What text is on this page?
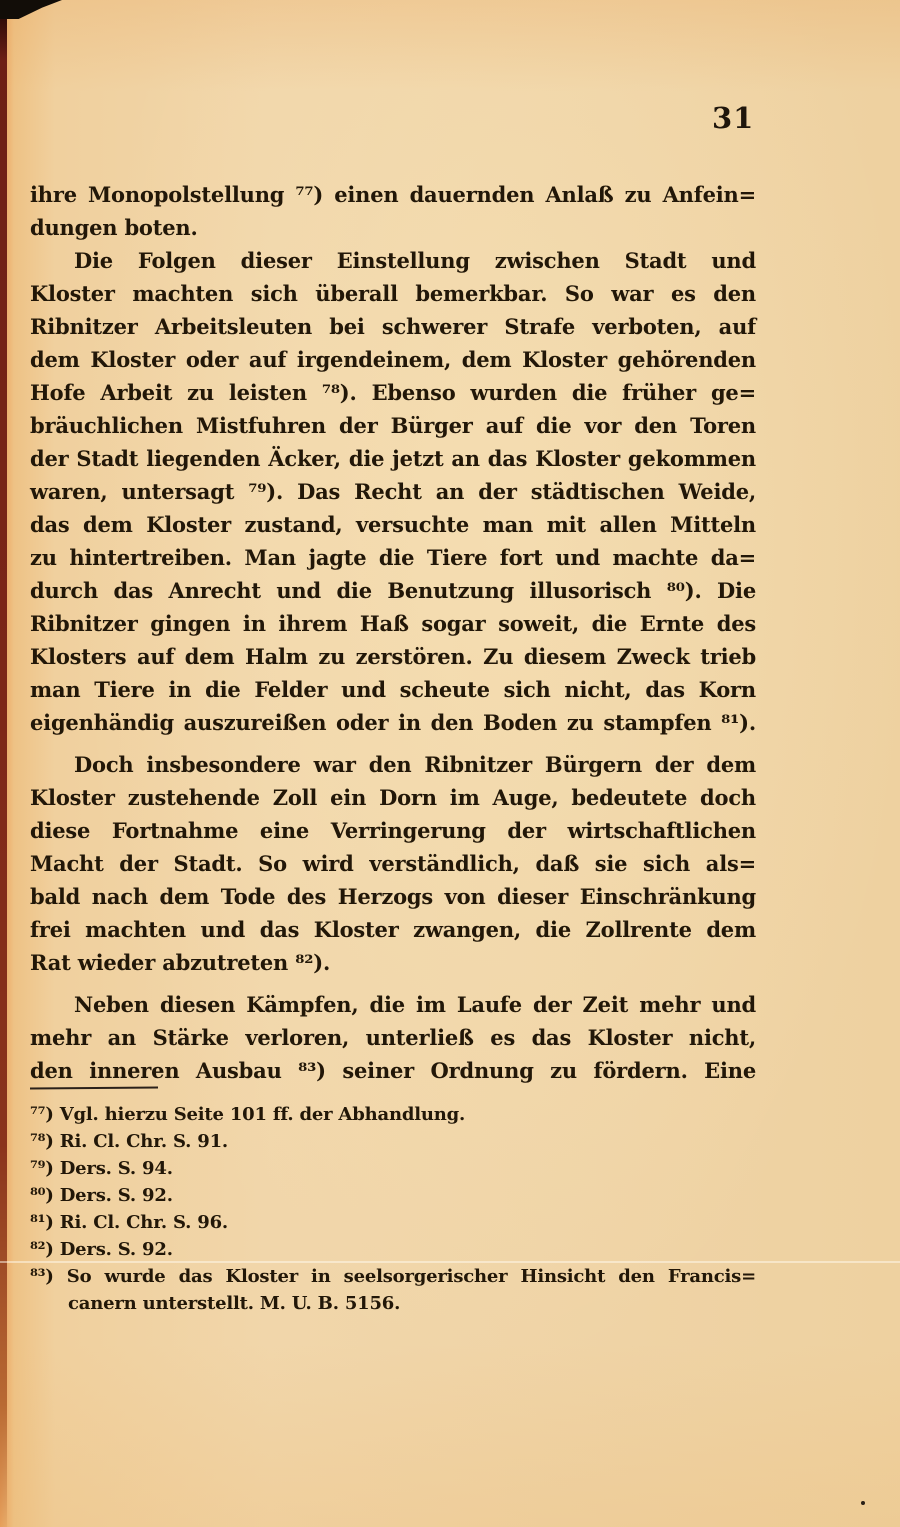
31
ihre Monopolstellung ⁷⁷) einen dauernden Anlaß zu Anfein=
dungen boten.
Die Folgen dieser Einstellung zwischen Stadt und
Kloster machten sich überall bemerkbar. So war es den
Ribnitzer Arbeitsleuten bei schwerer Strafe verboten, auf
dem Kloster oder auf irgendeinem, dem Kloster gehörenden
Hofe Arbeit zu leisten ⁷⁸). Ebenso wurden die früher ge=
bräuchlichen Mistfuhren der Bürger auf die vor den Toren
der Stadt liegenden Äcker, die jetzt an das Kloster gekommen
waren, untersagt ⁷⁹). Das Recht an der städtischen Weide,
das dem Kloster zustand, versuchte man mit allen Mitteln
zu hintertreiben. Man jagte die Tiere fort und machte da=
durch das Anrecht und die Benutzung illusorisch ⁸⁰). Die
Ribnitzer gingen in ihrem Haß sogar soweit, die Ernte des
Klosters auf dem Halm zu zerstören. Zu diesem Zweck trieb
man Tiere in die Felder und scheute sich nicht, das Korn
eigenhändig auszureißen oder in den Boden zu stampfen ⁸¹).
Doch insbesondere war den Ribnitzer Bürgern der dem
Kloster zustehende Zoll ein Dorn im Auge, bedeutete doch
diese Fortnahme eine Verringerung der wirtschaftlichen
Macht der Stadt. So wird verständlich, daß sie sich als=
bald nach dem Tode des Herzogs von dieser Einschränkung
frei machten und das Kloster zwangen, die Zollrente dem
Rat wieder abzutreten ⁸²).
Neben diesen Kämpfen, die im Laufe der Zeit mehr und
mehr an Stärke verloren, unterließ es das Kloster nicht,
den inneren Ausbau ⁸³) seiner Ordnung zu fördern. Eine
⁷⁷) Vgl. hierzu Seite 101 ff. der Abhandlung.
⁷⁸) Ri. Cl. Chr. S. 91.
⁷⁹) Ders. S. 94.
⁸⁰) Ders. S. 92.
⁸¹) Ri. Cl. Chr. S. 96.
⁸²) Ders. S. 92.
⁸³) So wurde das Kloster in seelsorgerischer Hinsicht den Francis=
canern unterstellt. M. U. B. 5156.
